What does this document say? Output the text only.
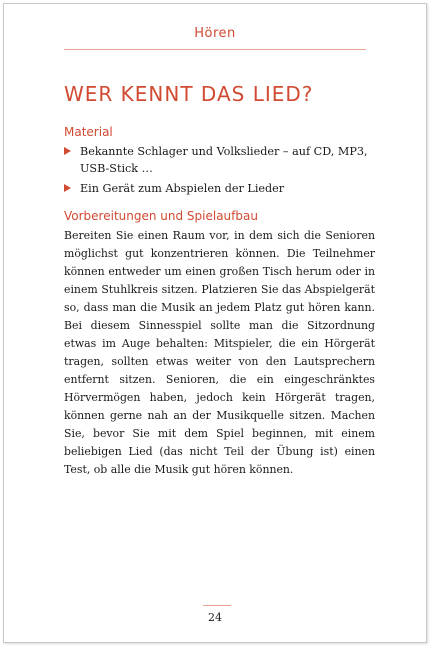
Hören
WER KENNT DAS LIED?
Material
Bekannte Schlager und Volkslieder – auf CD, MP3, USB-Stick …
Ein Gerät zum Abspielen der Lieder
Vorbereitungen und Spielaufbau

Bereiten Sie einen Raum vor, in dem sich die Senioren möglichst gut konzentrieren können. Die Teilnehmer können entweder um einen großen Tisch herum oder in einem Stuhlkreis sitzen. Platzieren Sie das Abspielgerät so, dass man die Musik an jedem Platz gut hören kann. Bei diesem Sinnesspiel sollte man die Sitzordnung etwas im Auge behalten: Mitspieler, die ein Hörgerät tragen, sollten etwas weiter von den Lautsprechern entfernt sitzen. Senioren, die ein eingeschränktes Hörvermögen haben, jedoch kein Hörgerät tragen, können gerne nah an der Musikquelle sitzen. Machen Sie, bevor Sie mit dem Spiel beginnen, mit einem beliebigen Lied (das nicht Teil der Übung ist) einen Test, ob alle die Musik gut hören können.

24
